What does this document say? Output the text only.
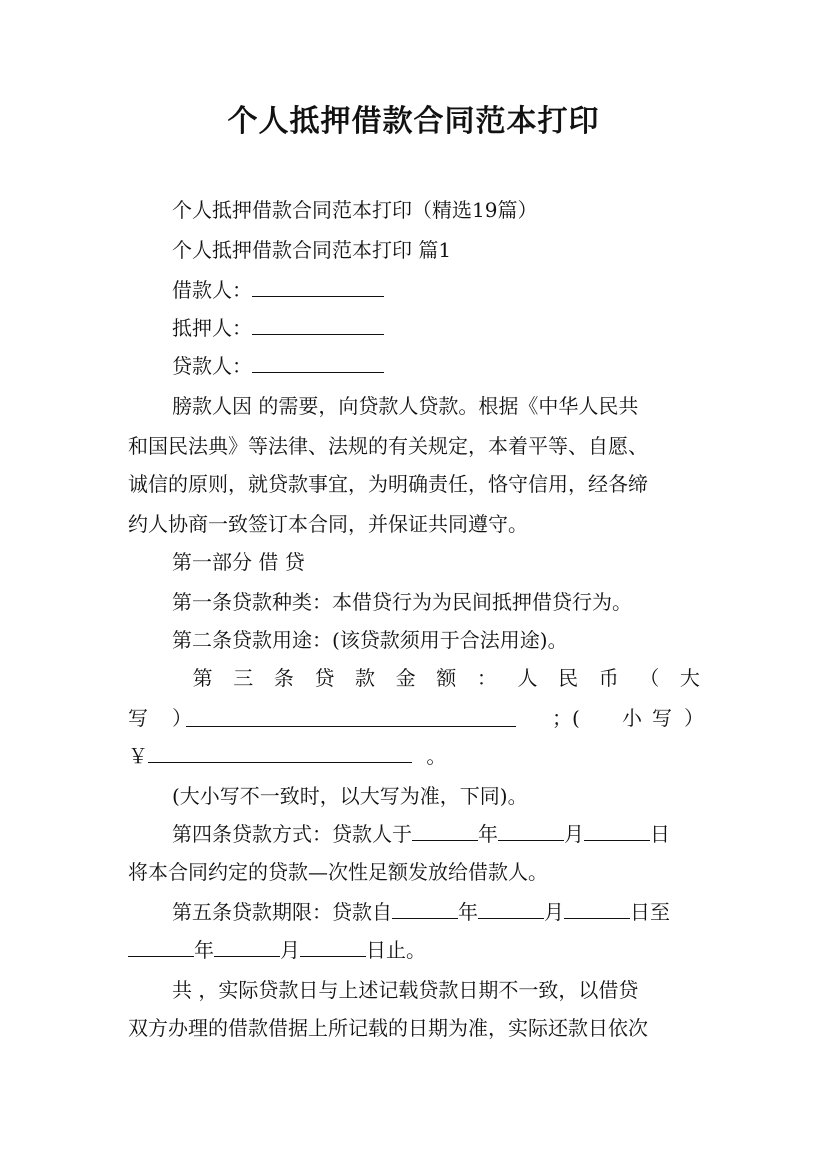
个人抵押借款合同范本打印
个人抵押借款合同范本打印（精选19篇）
个人抵押借款合同范本打印 篇1
借款人：
抵押人：
贷款人：
膀款人因 的需要，向贷款人贷款。根据《中华人民共
和国民法典》等法律、法规的有关规定，本着平等、自愿、
诚信的原则，就贷款事宜，为明确责任，恪守信用，经各缔
约人协商一致签订本合同，并保证共同遵守。
第一部分 借 贷
第一条贷款种类：本借贷行为为民间抵押借贷行为。
第二条贷款用途：(该贷款须用于合法用途)。
第 三 条 贷 款 金 额 ： 人 民 币 （ 大
写 ）	；( 小 写 ）
￥	。
(大小写不一致时，以大写为准，下同)。
第四条贷款方式：贷款人于	年	月	日
将本合同约定的贷款—次性足额发放给借款人。
第五条贷款期限：贷款自	年	月	日至
年	月	日止。
共 ，实际贷款日与上述记载贷款日期不一致，以借贷
双方办理的借款借据上所记载的日期为准，实际还款日依次
